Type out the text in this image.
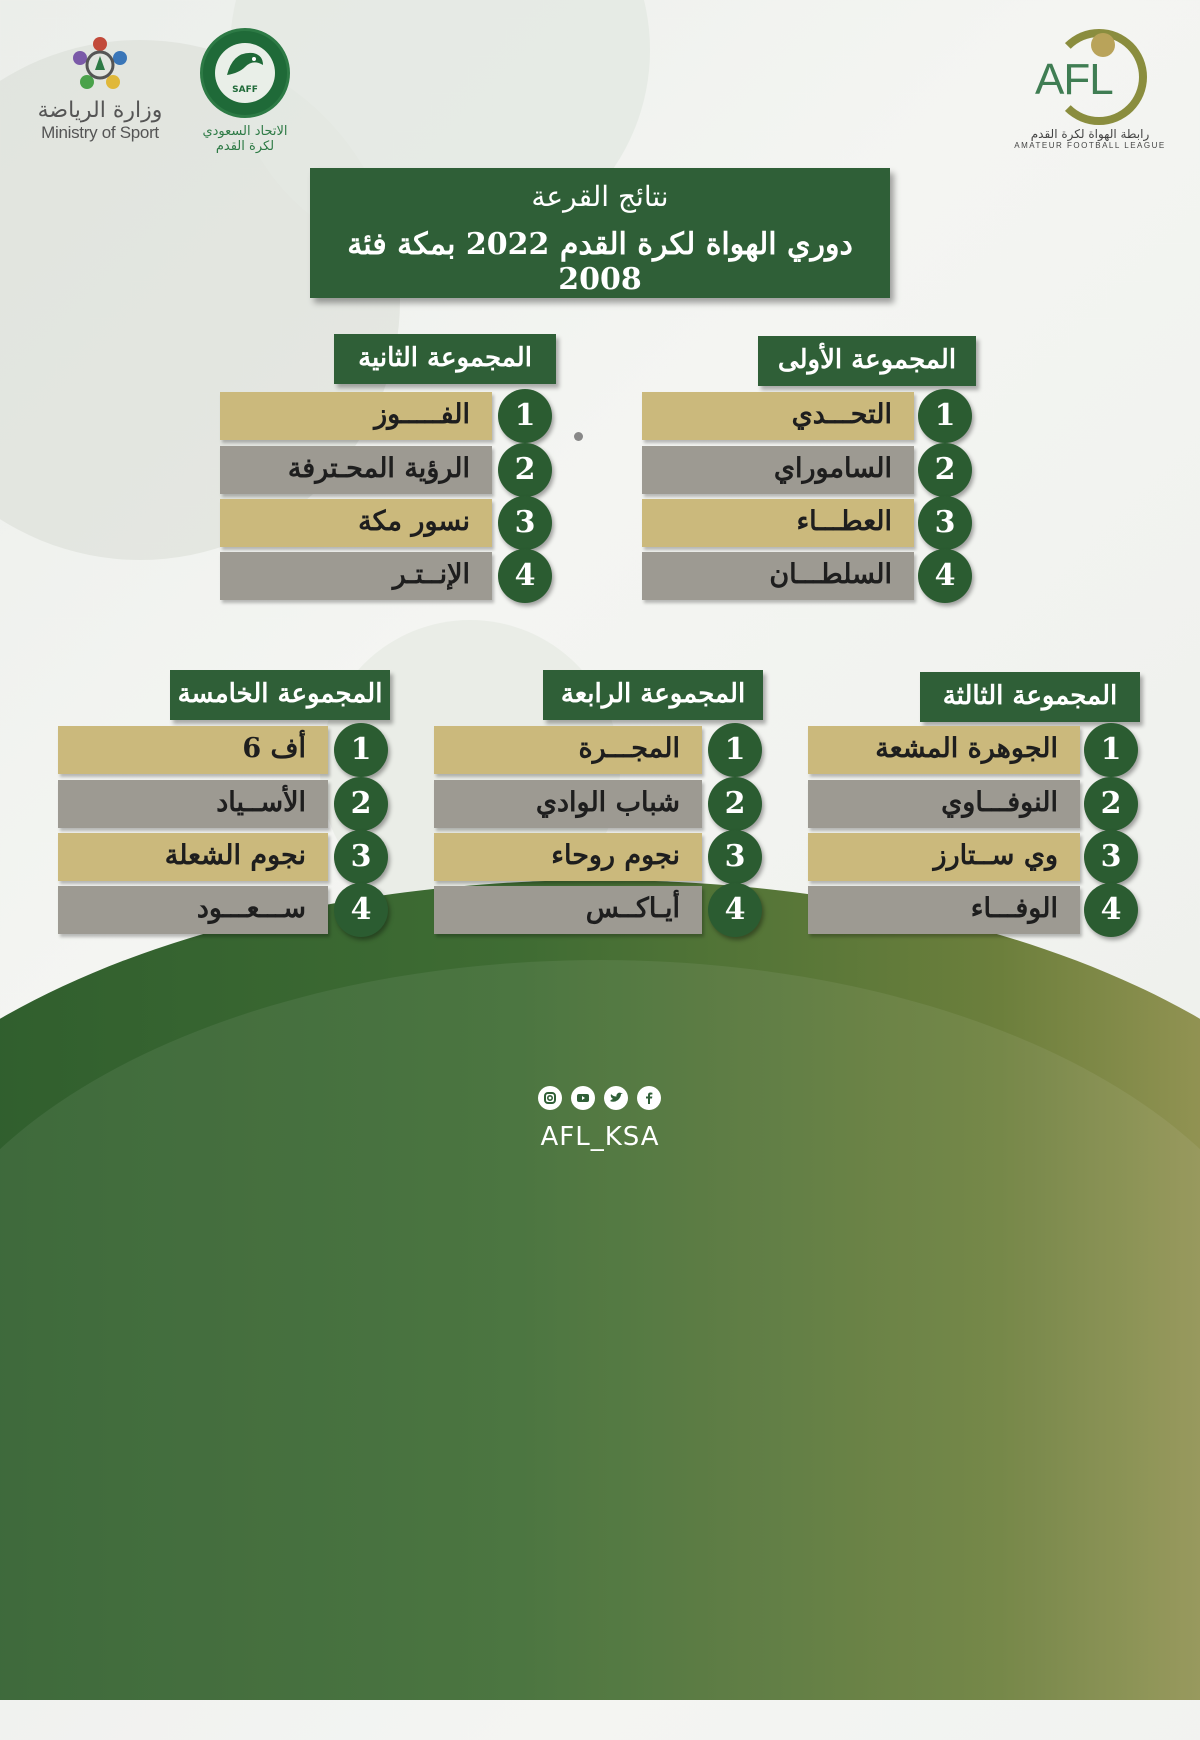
وزارة الرياضة
Ministry of Sport
SAFF
الاتحاد السعودي
لكرة القدم
AFL
رابطة الهواة لكرة القدم
AMATEUR FOOTBALL LEAGUE
نتائج القرعة
دوري الهواة لكرة القدم 2022 بمكة فئة 2008
المجموعة الأولى
التحـــدي	1
الساموراي	2
العطـــاء	3
السلطـــان	4
المجموعة الثانية
الفـــــوز	1
الرؤية المحـترفة	2
نسور مكة	3
الإنــتـر	4
المجموعة الثالثة
الجوهرة المشعة	1
النوفـــاوي	2
وي ســتارز	3
الوفـــاء	4
المجموعة الرابعة
المجـــرة	1
شباب الوادي	2
نجوم روحاء	3
أيـاكــس	4
المجموعة الخامسة
أف 6	1
الأســياد	2
نجوم الشعلة	3
ســـعـــود	4
AFL_KSA
